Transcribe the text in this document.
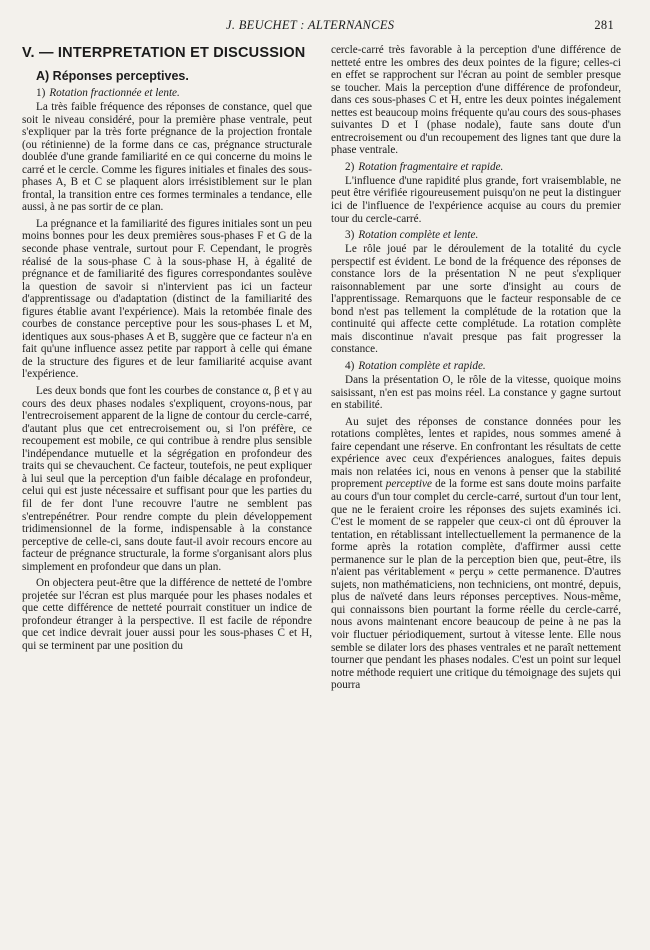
J. BEUCHET : ALTERNANCES	281
V. — INTERPRETATION ET DISCUSSION
A) Réponses perceptives.
1) Rotation fractionnée et lente.

La très faible fréquence des réponses de constance, quel que soit le niveau considéré, pour la première phase ventrale, peut s'expliquer par la très forte prégnance de la projection frontale (ou rétinienne) de la forme dans ce cas, prégnance structurale doublée d'une grande familiarité en ce qui concerne du moins le carré et le cercle. Comme les figures initiales et finales des sous-phases A, B et C se plaquent alors irrésistiblement sur le plan frontal, la transition entre ces formes terminales a tendance, elle aussi, à ne pas sortir de ce plan.

La prégnance et la familiarité des figures initiales sont un peu moins bonnes pour les deux premières sous-phases F et G de la seconde phase ventrale, surtout pour F. Cependant, le progrès réalisé de la sous-phase C à la sous-phase H, à égalité de prégnance et de familiarité des figures correspondantes soulève la question de savoir si n'intervient pas ici un facteur d'apprentissage ou d'adaptation (distinct de la familiarité des figures établie avant l'expérience). Mais la retombée finale des courbes de constance perceptive pour les sous-phases L et M, identiques aux sous-phases A et B, suggère que ce facteur n'a en fait qu'une influence assez petite par rapport à celle qui émane de la structure des figures et de leur familiarité acquise avant l'expérience.

Les deux bonds que font les courbes de constance α, β et γ au cours des deux phases nodales s'expliquent, croyons-nous, par l'entrecroisement apparent de la ligne de contour du cercle-carré, d'autant plus que cet entrecroisement ou, si l'on préfère, ce recoupement est mobile, ce qui contribue à rendre plus sensible l'indépendance mutuelle et la ségrégation en profondeur des traits qui se chevauchent. Ce facteur, toutefois, ne peut expliquer à lui seul que la perception d'un faible décalage en profondeur, celui qui est juste nécessaire et suffisant pour que les parties du fil de fer dont l'une recouvre l'autre ne semblent pas s'entrepénétrer. Pour rendre compte du plein développement tridimensionnel de la forme, indispensable à la constance perceptive de celle-ci, sans doute faut-il avoir recours encore au facteur de prégnance structurale, la forme s'organisant alors plus simplement en profondeur que dans un plan.

On objectera peut-être que la différence de netteté de l'ombre projetée sur l'écran est plus marquée pour les phases nodales et que cette différence de netteté pourrait constituer un indice de profondeur étranger à la perspective. Il est facile de répondre que cet indice devrait jouer aussi pour les sous-phases C et H, qui se terminent par une position du

cercle-carré très favorable à la perception d'une différence de netteté entre les ombres des deux pointes de la figure; celles-ci en effet se rapprochent sur l'écran au point de sembler presque se toucher. Mais la perception d'une différence de profondeur, dans ces sous-phases C et H, entre les deux pointes inégalement nettes est beaucoup moins fréquente qu'au cours des sous-phases suivantes D et I (phase nodale), faute sans doute d'un entrecroisement ou d'un recoupement des lignes tant que dure la phase ventrale.

2) Rotation fragmentaire et rapide.

L'influence d'une rapidité plus grande, fort vraisemblable, ne peut être vérifiée rigoureusement puisqu'on ne peut la distinguer ici de l'influence de l'expérience acquise au cours du premier tour du cercle-carré.

3) Rotation complète et lente.

Le rôle joué par le déroulement de la totalité du cycle perspectif est évident. Le bond de la fréquence des réponses de constance lors de la présentation N ne peut s'expliquer raisonnablement par une sorte d'insight au cours de l'apprentissage. Remarquons que le facteur responsable de ce bond n'est pas tellement la complétude de la rotation que la continuité qui affecte cette complétude. La rotation complète mais discontinue n'avait presque pas fait progresser la constance.

4) Rotation complète et rapide.

Dans la présentation O, le rôle de la vitesse, quoique moins saisissant, n'en est pas moins réel. La constance y gagne surtout en stabilité.

Au sujet des réponses de constance données pour les rotations complètes, lentes et rapides, nous sommes amené à faire cependant une réserve. En confrontant les résultats de cette expérience avec ceux d'expériences analogues, faites depuis mais non relatées ici, nous en venons à penser que la stabilité proprement perceptive de la forme est sans doute moins parfaite au cours d'un tour complet du cercle-carré, surtout d'un tour lent, que ne le feraient croire les réponses des sujets examinés ici. C'est le moment de se rappeler que ceux-ci ont dû éprouver la tentation, en rétablissant intellectuellement la permanence de la forme après la rotation complète, d'affirmer aussi cette permanence sur le plan de la perception bien que, peut-être, ils n'aient pas véritablement « perçu » cette permanence. D'autres sujets, non mathématiciens, non techniciens, ont montré, depuis, plus de naïveté dans leurs réponses perceptives. Nous-même, qui connaissons bien pourtant la forme réelle du cercle-carré, nous avons maintenant encore beaucoup de peine à ne pas la voir fluctuer périodiquement, surtout à vitesse lente. Elle nous semble se dilater lors des phases ventrales et ne paraît nettement tourner que pendant les phases nodales. C'est un point sur lequel notre méthode requiert une critique du témoignage des sujets qui pourra
